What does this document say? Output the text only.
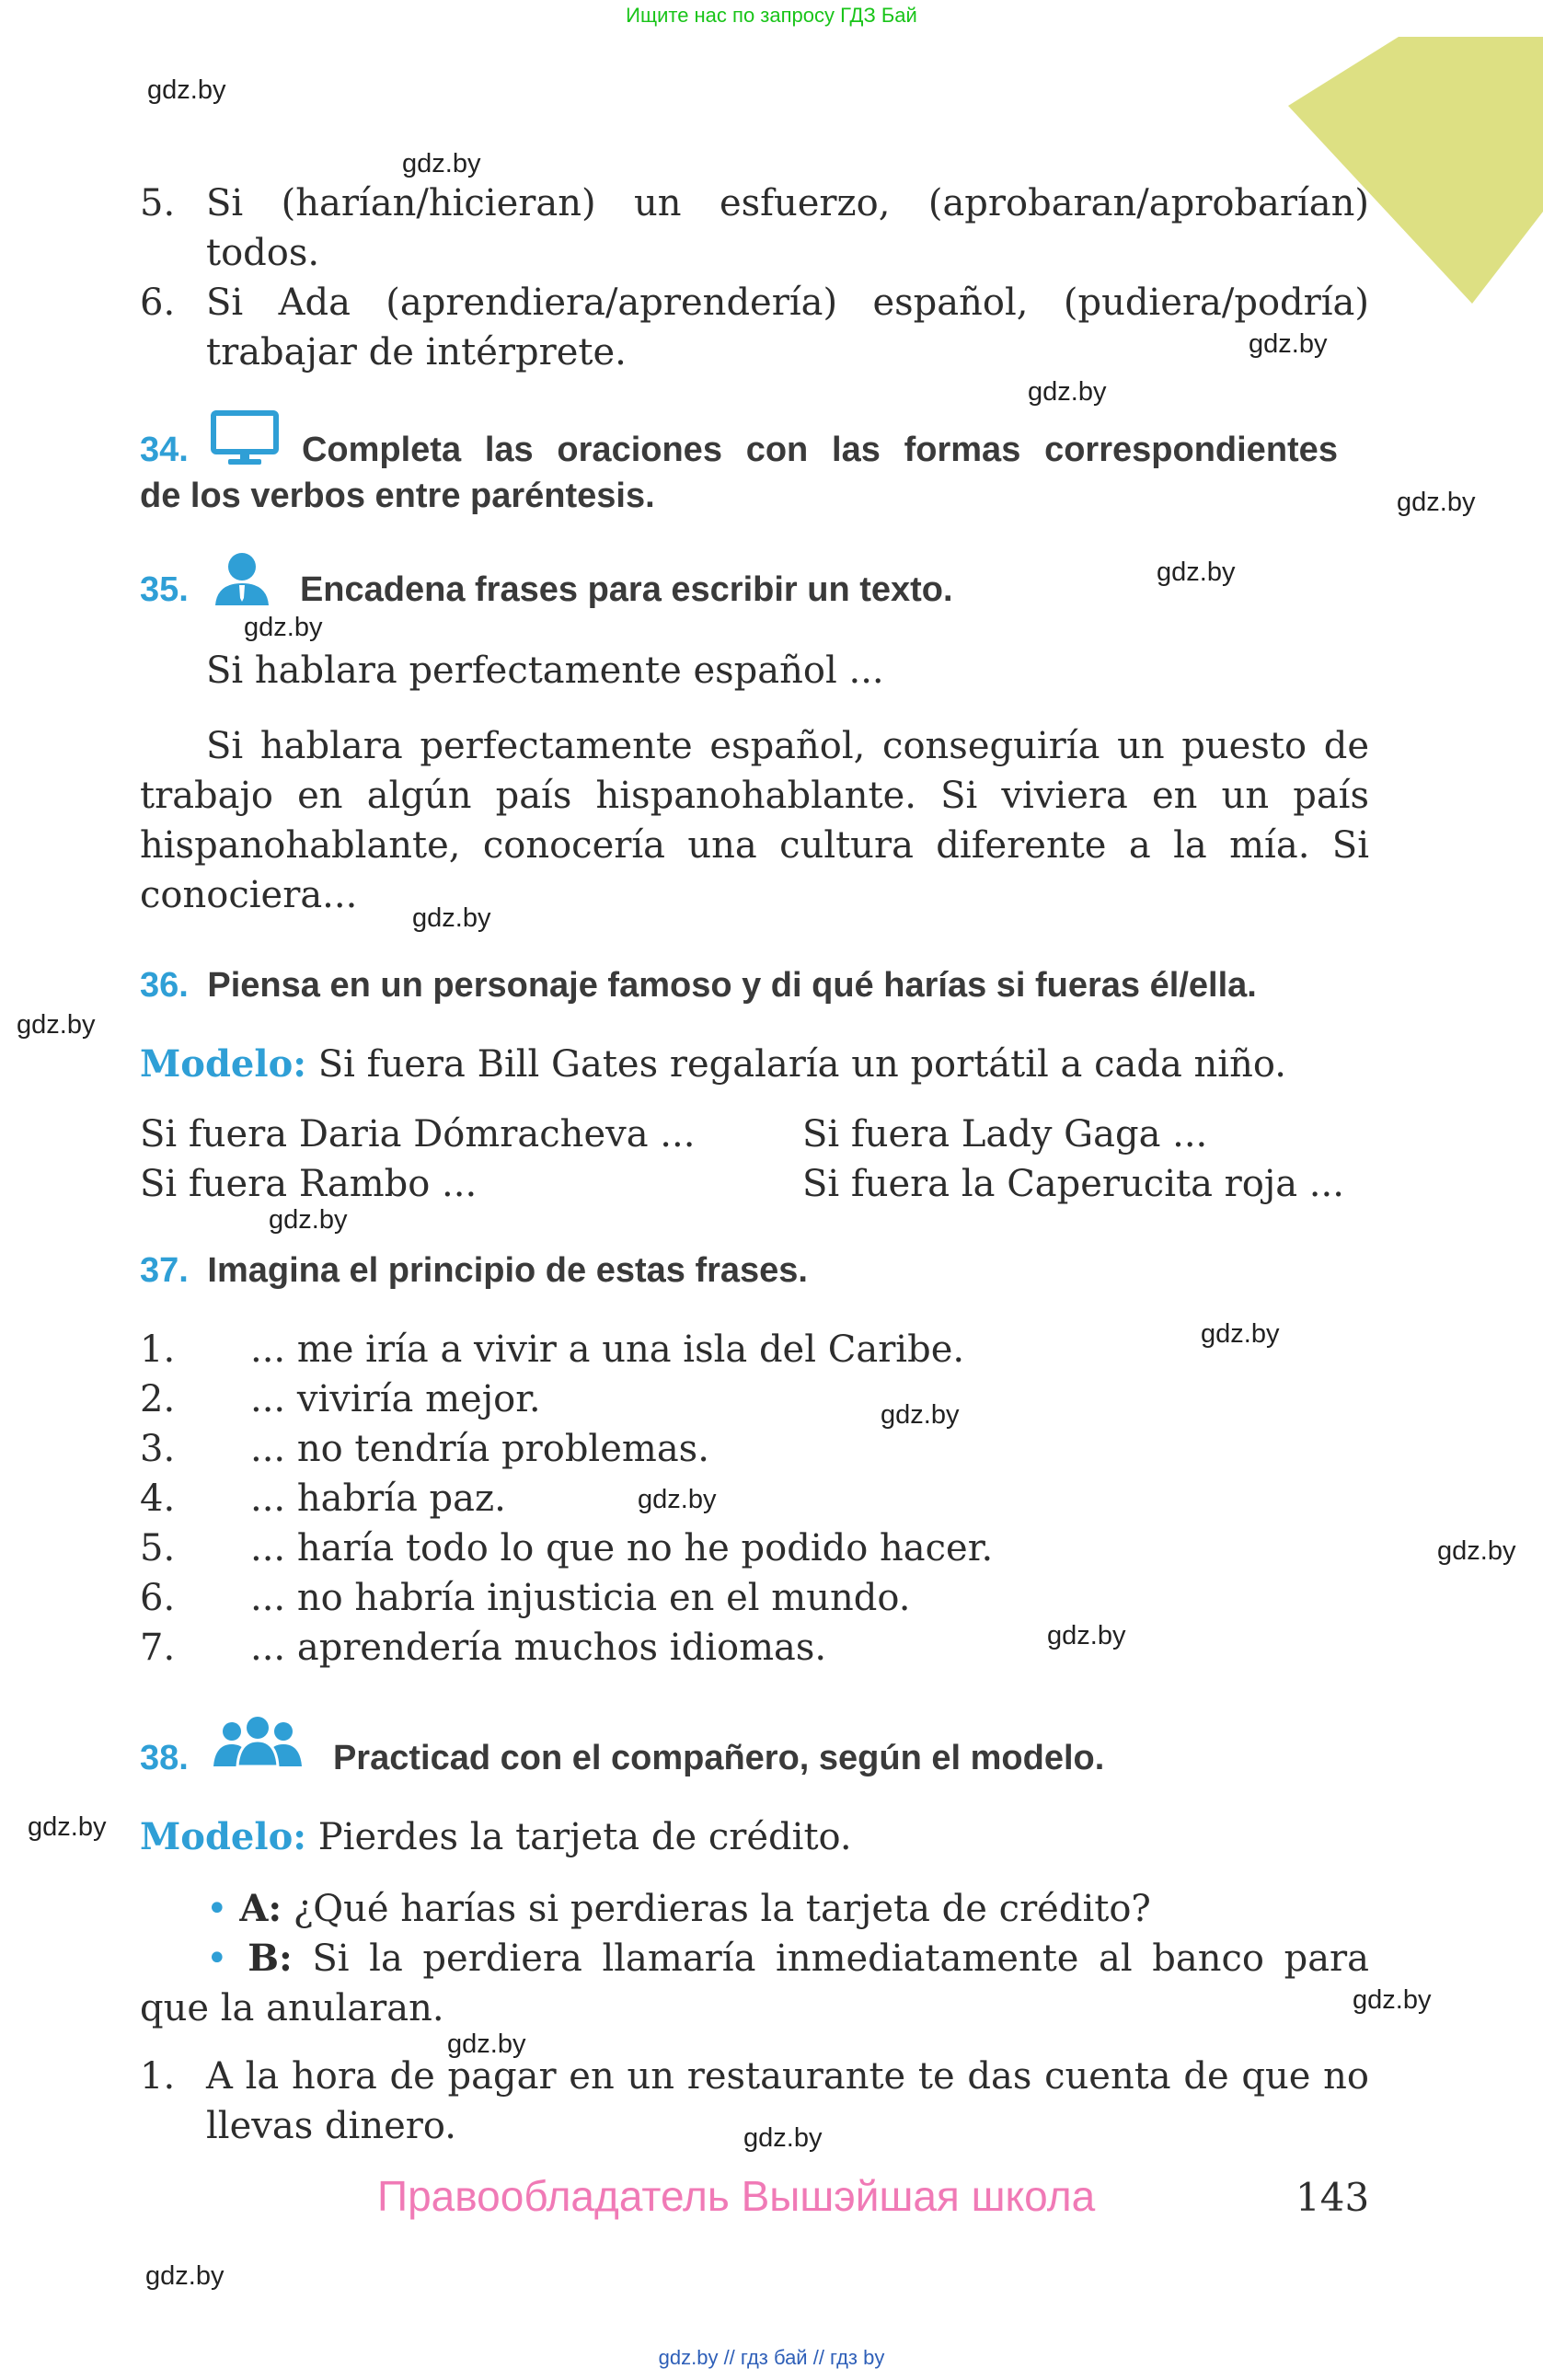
Ищите нас по запросу ГДЗ Бай
gdz.by
gdz.by
gdz.by
gdz.by
gdz.by
gdz.by
gdz.by
gdz.by
gdz.by
gdz.by
gdz.by
gdz.by
gdz.by
gdz.by
gdz.by
gdz.by
gdz.by
gdz.by
gdz.by
gdz.by
5. Si (harían/hicieran) un esfuerzo, (aprobaran/aprobarían)
todos.
6. Si Ada (aprendiera/aprendería) español, (pudiera/podría)
trabajar de intérprete.
34.	Completa las oraciones con las formas correspondientes
de los verbos entre paréntesis.
35.	Encadena frases para escribir un texto.
Si hablara perfectamente español ...
Si hablara perfectamente español, conseguiría un puesto de trabajo en algún país hispanohablante. Si viviera en un país hispanohablante, conocería una cultura diferente a la mía. Si conociera...
36. Piensa en un personaje famoso y di qué harías si fueras él/ella.
Modelo: Si fuera Bill Gates regalaría un portátil a cada niño.
Si fuera Daria Dómracheva ...	Si fuera Lady Gaga ...
Si fuera Rambo ...	Si fuera la Caperucita roja ...
37. Imagina el principio de estas frases.
1.	... me iría a vivir a una isla del Caribe.
2.	... viviría mejor.
3.	... no tendría problemas.
4.	... habría paz.
5.	... haría todo lo que no he podido hacer.
6.	... no habría injusticia en el mundo.
7.	... aprendería muchos idiomas.
38.	Practicad con el compañero, según el modelo.
Modelo: Pierdes la tarjeta de crédito.
• A: ¿Qué harías si perdieras la tarjeta de crédito?
• B: Si la perdiera llamaría inmediatamente al banco para
que la anularan.
1. A la hora de pagar en un restaurante te das cuenta de que no
llevas dinero.
Правообладатель Вышэйшая школа	143
gdz.by // гдз бай // гдз by
